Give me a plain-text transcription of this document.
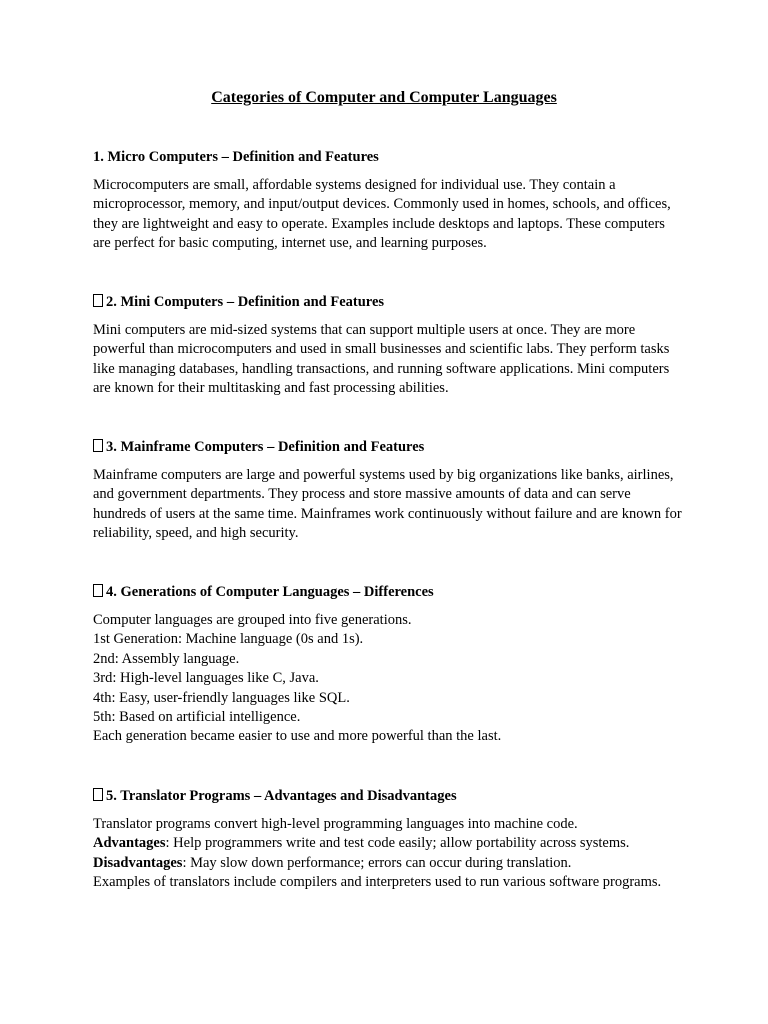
Categories of Computer and Computer Languages
1. Micro Computers – Definition and Features

Microcomputers are small, affordable systems designed for individual use. They contain a microprocessor, memory, and input/output devices. Commonly used in homes, schools, and offices, they are lightweight and easy to operate. Examples include desktops and laptops. These computers are perfect for basic computing, internet use, and learning purposes.

2. Mini Computers – Definition and Features

Mini computers are mid-sized systems that can support multiple users at once. They are more powerful than microcomputers and used in small businesses and scientific labs. They perform tasks like managing databases, handling transactions, and running software applications. Mini computers are known for their multitasking and fast processing abilities.

3. Mainframe Computers – Definition and Features

Mainframe computers are large and powerful systems used by big organizations like banks, airlines, and government departments. They process and store massive amounts of data and can serve hundreds of users at the same time. Mainframes work continuously without failure and are known for reliability, speed, and high security.

4. Generations of Computer Languages – Differences
Computer languages are grouped into five generations.
1st Generation: Machine language (0s and 1s).
2nd: Assembly language.
3rd: High-level languages like C, Java.
4th: Easy, user-friendly languages like SQL.
5th: Based on artificial intelligence.
Each generation became easier to use and more powerful than the last.
5. Translator Programs – Advantages and Disadvantages
Translator programs convert high-level programming languages into machine code.
Advantages: Help programmers write and test code easily; allow portability across systems.
Disadvantages: May slow down performance; errors can occur during translation.

Examples of translators include compilers and interpreters used to run various software programs.
